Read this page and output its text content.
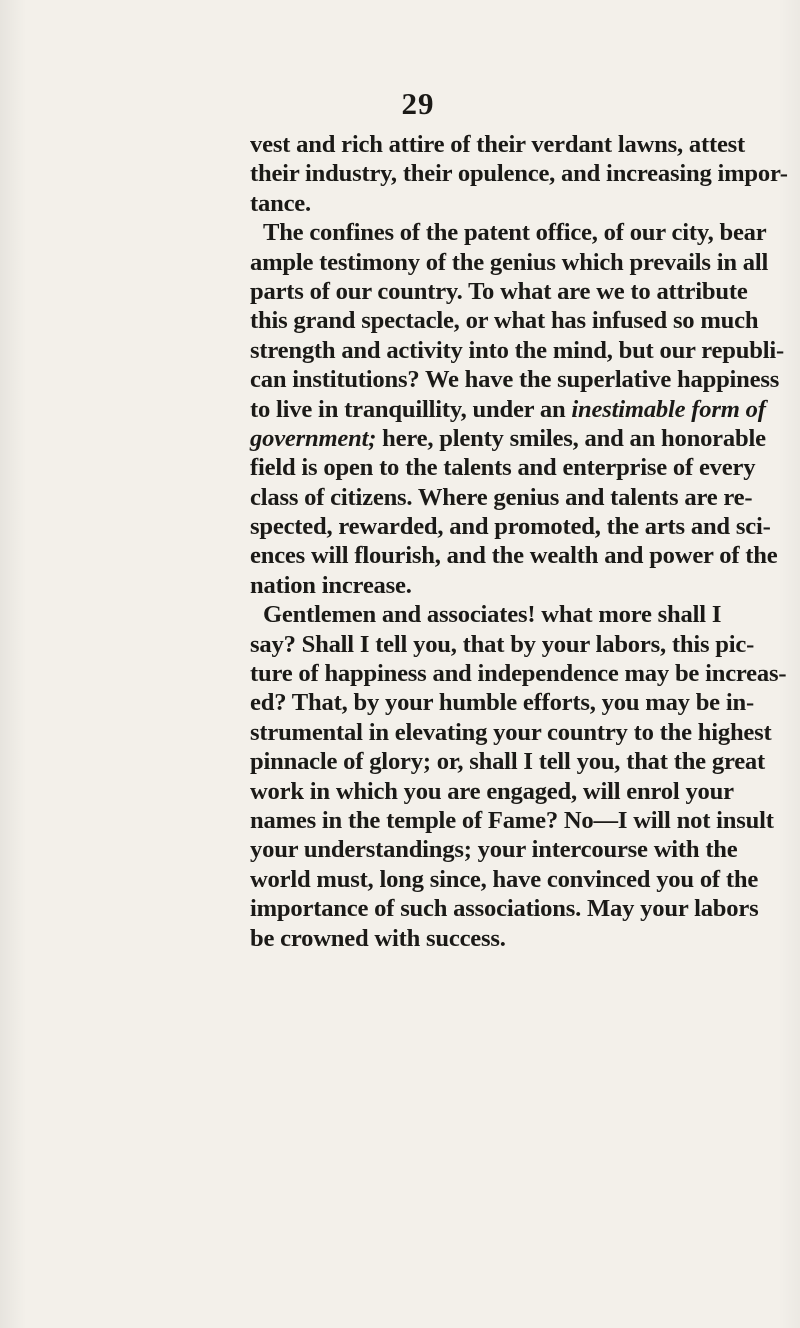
29
vest and rich attire of their verdant lawns, attest
their industry, their opulence, and increasing impor-
tance.
The confines of the patent office, of our city, bear
ample testimony of the genius which prevails in all
parts of our country. To what are we to attribute
this grand spectacle, or what has infused so much
strength and activity into the mind, but our republi-
can institutions? We have the superlative happiness
to live in tranquillity, under an inestimable form of
government; here, plenty smiles, and an honorable
field is open to the talents and enterprise of every
class of citizens. Where genius and talents are re-
spected, rewarded, and promoted, the arts and sci-
ences will flourish, and the wealth and power of the
nation increase.
Gentlemen and associates! what more shall I
say? Shall I tell you, that by your labors, this pic-
ture of happiness and independence may be increas-
ed? That, by your humble efforts, you may be in-
strumental in elevating your country to the highest
pinnacle of glory; or, shall I tell you, that the great
work in which you are engaged, will enrol your
names in the temple of Fame? No—I will not insult
your understandings; your intercourse with the
world must, long since, have convinced you of the
importance of such associations. May your labors
be crowned with success.
